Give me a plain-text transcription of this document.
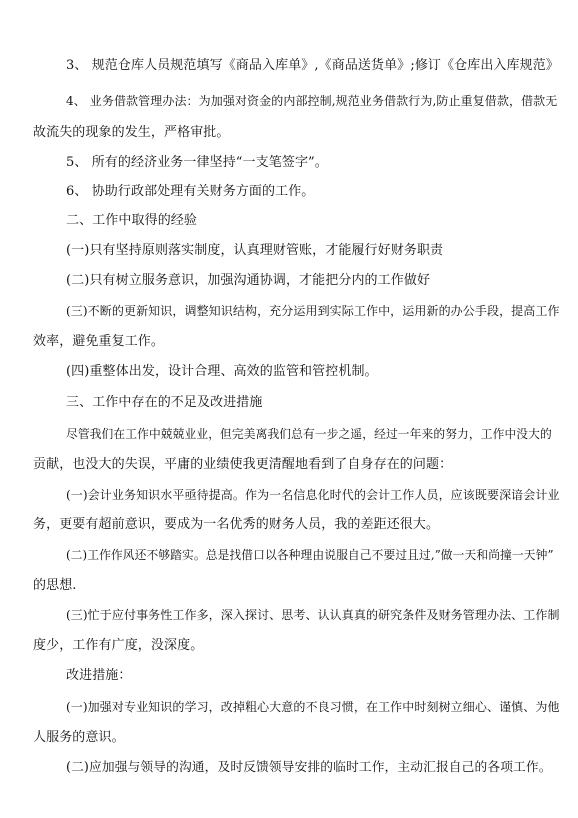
3、 规范仓库人员规范填写《商品入库单》,《商品送货单》;修订《仓库出入库规范》
4、 业务借款管理办法：为加强对资金的内部控制,规范业务借款行为,防止重复借款，借款无
故流失的现象的发生，严格审批。
5、 所有的经济业务一律坚持“一支笔签字”。
6、 协助行政部处理有关财务方面的工作。
二、工作中取得的经验
(一)只有坚持原则落实制度，认真理财管账，才能履行好财务职责
(二)只有树立服务意识，加强沟通协调，才能把分内的工作做好
(三)不断的更新知识，调整知识结构，充分运用到实际工作中，运用新的办公手段，提高工作
效率，避免重复工作。
(四)重整体出发，设计合理、高效的监管和管控机制。
三、工作中存在的不足及改进措施
尽管我们在工作中兢兢业业，但完美离我们总有一步之遥，经过一年来的努力，工作中没大的
贡献，也没大的失误，平庸的业绩使我更清醒地看到了自身存在的问题：
(一)会计业务知识水平亟待提高。作为一名信息化时代的会计工作人员，应该既要深谙会计业
务，更要有超前意识，要成为一名优秀的财务人员，我的差距还很大。
(二)工作作风还不够踏实。总是找借口以各种理由说服自己不要过且过,”做一天和尚撞一天钟”
的思想.
(三)忙于应付事务性工作多，深入探讨、思考、认认真真的研究条件及财务管理办法、工作制
度少，工作有广度，没深度。
改进措施：
(一)加强对专业知识的学习，改掉粗心大意的不良习惯，在工作中时刻树立细心、谨慎、为他
人服务的意识。
(二)应加强与领导的沟通，及时反馈领导安排的临时工作，主动汇报自己的各项工作。
